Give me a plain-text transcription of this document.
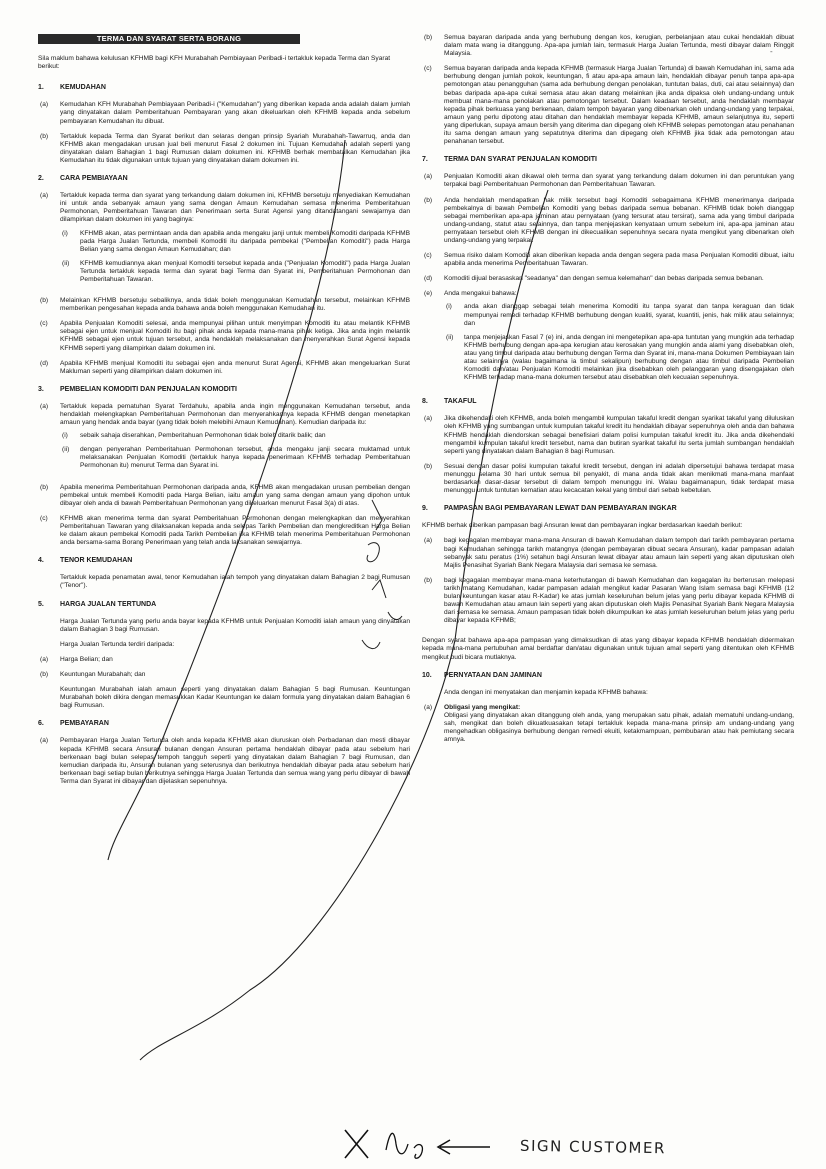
TERMA DAN SYARAT SERTA BORANG
Sila maklum bahawa kelulusan KFHMB bagi KFH Murabahah Pembiayaan Peribadi-i tertakluk kepada Terma dan Syarat berikut:
1.	KEMUDAHAN
(a)	Kemudahan KFH Murabahah Pembiayaan Peribadi-i ("Kemudahan") yang diberikan kepada anda adalah dalam jumlah yang dinyatakan dalam Pemberitahuan Pembayaran yang akan dikeluarkan oleh KFHMB kepada anda sebelum pembayaran Kemudahan itu dibuat.
(b)	Tertakluk kepada Terma dan Syarat berikut dan selaras dengan prinsip Syariah Murabahah-Tawarruq, anda dan KFHMB akan mengadakan urusan jual beli menurut Fasal 2 dokumen ini. Tujuan Kemudahan adalah seperti yang dinyatakan dalam Bahagian 1 bagi Rumusan dalam dokumen ini. KFHMB berhak membatalkan Kemudahan jika Kemudahan itu tidak digunakan untuk tujuan yang dinyatakan dalam dokumen ini.
2.	CARA PEMBIAYAAN
(a)	Tertakluk kepada terma dan syarat yang terkandung dalam dokumen ini, KFHMB bersetuju menyediakan Kemudahan ini untuk anda sebanyak amaun yang sama dengan Amaun Kemudahan semasa menerima Pemberitahuan Permohonan, Pemberitahuan Tawaran dan Penerimaan serta Surat Agensi yang ditandatangani sewajarnya dan dilampirkan dalam dokumen ini yang baginya:
(i)	KFHMB akan, atas permintaan anda dan apabila anda mengaku janji untuk membeli Komoditi daripada KFHMB pada Harga Jualan Tertunda, membeli Komoditi itu daripada pembekal ("Pembelian Komoditi") pada Harga Belian yang sama dengan Amaun Kemudahan; dan
(ii)	KFHMB kemudiannya akan menjual Komoditi tersebut kepada anda ("Penjualan Komoditi") pada Harga Jualan Tertunda tertakluk kepada terma dan syarat bagi Terma dan Syarat ini, Pemberitahuan Permohonan dan Pemberitahuan Tawaran.
(b)	Melainkan KFHMB bersetuju sebaliknya, anda tidak boleh menggunakan Kemudahan tersebut, melainkan KFHMB memberikan pengesahan kepada anda bahawa anda boleh menggunakan Kemudahan itu.
(c)	Apabila Penjualan Komoditi selesai, anda mempunyai pilihan untuk menyimpan Komoditi itu atau melantik KFHMB sebagai ejen untuk menjual Komoditi itu bagi pihak anda kepada mana-mana pihak ketiga. Jika anda ingin melantik KFHMB sebagai ejen untuk tujuan tersebut, anda hendaklah melaksanakan dan menyerahkan Surat Agensi kepada KFHMB seperti yang dilampirkan dalam dokumen ini.
(d)	Apabila KFHMB menjual Komoditi itu sebagai ejen anda menurut Surat Agensi, KFHMB akan mengeluarkan Surat Makluman seperti yang dilampirkan dalam dokumen ini.
3.	PEMBELIAN KOMODITI DAN PENJUALAN KOMODITI
(a)	Tertakluk kepada pematuhan Syarat Terdahulu, apabila anda ingin menggunakan Kemudahan tersebut, anda hendaklah melengkapkan Pemberitahuan Permohonan dan menyerahkannya kepada KFHMB dengan menetapkan amaun yang hendak anda bayar (yang tidak boleh melebihi Amaun Kemudahan). Kemudian daripada itu:
(i)	sebaik sahaja diserahkan, Pemberitahuan Permohonan tidak boleh ditarik balik; dan
(ii)	dengan penyerahan Pemberitahuan Permohonan tersebut, anda mengaku janji secara muktamad untuk melaksanakan Penjualan Komoditi (tertakluk hanya kepada penerimaan KFHMB terhadap Pemberitahuan Permohonan itu) menurut Terma dan Syarat ini.
(b)	Apabila menerima Pemberitahuan Permohonan daripada anda, KFHMB akan mengadakan urusan pembelian dengan pembekal untuk membeli Komoditi pada Harga Belian, iaitu amaun yang sama dengan amaun yang dipohon untuk dibayar oleh anda di bawah Pemberitahuan Permohonan yang dikeluarkan menurut Fasal 3(a) di atas.
(c)	KFHMB akan menerima terma dan syarat Pemberitahuan Permohonan dengan melengkapkan dan menyerahkan Pemberitahuan Tawaran yang dilaksanakan kepada anda selepas Tarikh Pembelian dan mengkreditkan Harga Belian ke dalam akaun pembekal Komoditi pada Tarikh Pembelian jika KFHMB telah menerima Pemberitahuan Permohonan anda bersama-sama Borang Penerimaan yang telah anda laksanakan sewajarnya.
4.	TENOR KEMUDAHAN
Tertakluk kepada penamatan awal, tenor Kemudahan ialah tempoh yang dinyatakan dalam Bahagian 2 bagi Rumusan ("Tenor").
5.	HARGA JUALAN TERTUNDA
Harga Jualan Tertunda yang perlu anda bayar kepada KFHMB untuk Penjualan Komoditi ialah amaun yang dinyatakan dalam Bahagian 3 bagi Rumusan.
Harga Jualan Tertunda terdiri daripada:
(a)	Harga Belian; dan
(b)	Keuntungan Murabahah; dan
Keuntungan Murabahah ialah amaun seperti yang dinyatakan dalam Bahagian 5 bagi Rumusan. Keuntungan Murabahah boleh dikira dengan memasukkan Kadar Keuntungan ke dalam formula yang dinyatakan dalam Bahagian 6 bagi Rumusan.
6.	PEMBAYARAN
(a)	Pembayaran Harga Jualan Tertunda oleh anda kepada KFHMB akan diuruskan oleh Perbadanan dan mesti dibayar kepada KFHMB secara Ansuran bulanan dengan Ansuran pertama hendaklah dibayar pada atau sebelum hari berkenaan bagi bulan selepas tempoh tangguh seperti yang dinyatakan dalam Bahagian 7 bagi Rumusan, dan kemudian daripada itu, Ansuran bulanan yang seterusnya dan berikutnya hendaklah dibayar pada atau sebelum hari berkenaan bagi setiap bulan berikutnya sehingga Harga Jualan Tertunda dan semua wang yang perlu dibayar di bawah Terma dan Syarat ini dibayar dan dijelaskan sepenuhnya.
(b)	Semua bayaran daripada anda yang berhubung dengan kos, kerugian, perbelanjaan atau cukai hendaklah dibuat dalam mata wang ia ditanggung. Apa-apa jumlah lain, termasuk Harga Jualan Tertunda, mesti dibayar dalam Ringgit Malaysia.
(c)	Semua bayaran daripada anda kepada KFHMB (termasuk Harga Jualan Tertunda) di bawah Kemudahan ini, sama ada berhubung dengan jumlah pokok, keuntungan, fi atau apa-apa amaun lain, hendaklah dibayar penuh tanpa apa-apa pemotongan atau penangguhan (sama ada berhubung dengan penolakan, tuntutan balas, duti, cai atau selainnya) dan bebas daripada apa-apa cukai semasa atau akan datang melainkan jika anda dipaksa oleh undang-undang untuk membuat mana-mana penolakan atau pemotongan tersebut. Dalam keadaan tersebut, anda hendaklah membayar kepada pihak berkuasa yang berkenaan, dalam tempoh bayaran yang dibenarkan oleh undang-undang yang terpakai, amaun yang perlu dipotong atau ditahan dan hendaklah membayar kepada KFHMB, amaun selanjutnya itu, seperti yang diperlukan, supaya amaun bersih yang diterima dan dipegang oleh KFHMB selepas pemotongan atau penahanan itu sama dengan amaun yang sepatutnya diterima dan dipegang oleh KFHMB jika tidak ada pemotongan atau penahanan tersebut.
7.	TERMA DAN SYARAT PENJUALAN KOMODITI
(a)	Penjualan Komoditi akan dikawal oleh terma dan syarat yang terkandung dalam dokumen ini dan peruntukan yang terpakai bagi Pemberitahuan Permohonan dan Pemberitahuan Tawaran.
(b)	Anda hendaklah mendapatkan hak milik tersebut bagi Komoditi sebagaimana KFHMB menerimanya daripada pembekalnya di bawah Pembelian Komoditi yang bebas daripada semua bebanan. KFHMB tidak boleh dianggap sebagai memberikan apa-apa jaminan atau pernyataan (yang tersurat atau tersirat), sama ada yang timbul daripada undang-undang, statut atau selainnya, dan tanpa menjejaskan kenyataan umum sebelum ini, apa-apa jaminan atau pernyataan tersebut oleh KFHMB dengan ini dikecualikan sepenuhnya secara nyata mengikut yang dibenarkan oleh undang-undang yang terpakai.
(c)	Semua risiko dalam Komoditi akan diberikan kepada anda dengan segera pada masa Penjualan Komoditi dibuat, iaitu apabila anda menerima Pemberitahuan Tawaran.
(d)	Komoditi dijual berasaskan "seadanya" dan dengan semua kelemahan" dan bebas daripada semua bebanan.
(e)	Anda mengakui bahawa:
(i)	anda akan dianggap sebagai telah menerima Komoditi itu tanpa syarat dan tanpa keraguan dan tidak mempunyai remedi terhadap KFHMB berhubung dengan kualiti, syarat, kuantiti, jenis, hak milik atau selainnya; dan
(ii)	tanpa menjejaskan Fasal 7 (e) ini, anda dengan ini mengetepikan apa-apa tuntutan yang mungkin ada terhadap KFHMB berhubung dengan apa-apa kerugian atau kerosakan yang mungkin anda alami yang disebabkan oleh, atau yang timbul daripada atau berhubung dengan Terma dan Syarat ini, mana-mana Dokumen Pembiayaan lain atau selainnya (walau bagaimana ia timbul sekalipun) berhubung dengan atau timbul daripada Pembelian Komoditi dan/atau Penjualan Komoditi melainkan jika disebabkan oleh pelanggaran yang disengajakan oleh KFHMB terhadap mana-mana dokumen tersebut atau disebabkan oleh kecuaian sepenuhnya.
8.	TAKAFUL
(a)	Jika dikehendaki oleh KFHMB, anda boleh mengambil kumpulan takaful kredit dengan syarikat takaful yang diluluskan oleh KFHMB yang sumbangan untuk kumpulan takaful kredit itu hendaklah dibayar sepenuhnya oleh anda dan bahawa KFHMB hendaklah diendorskan sebagai benefisiari dalam polisi kumpulan takaful kredit itu. Jika anda dikehendaki mengambil kumpulan takaful kredit tersebut, nama dan butiran syarikat takaful itu serta jumlah sumbangan hendaklah seperti yang dinyatakan dalam Bahagian 8 bagi Rumusan.
(b)	Sesuai dengan dasar polisi kumpulan takaful kredit tersebut, dengan ini adalah dipersetujui bahawa terdapat masa menunggu selama 30 hari untuk semua bil penyakit, di mana anda tidak akan menikmati mana-mana manfaat berdasarkan dasar-dasar tersebut di dalam tempoh menunggu ini. Walau bagaimanapun, tidak terdapat masa menunggu untuk tuntutan kematian atau kecacatan kekal yang timbul dari sebab kebetulan.
9.	PAMPASAN BAGI PEMBAYARAN LEWAT DAN PEMBAYARAN INGKAR
KFHMB berhak diberikan pampasan bagi Ansuran lewat dan pembayaran ingkar berdasarkan kaedah berikut:
(a)	bagi kegagalan membayar mana-mana Ansuran di bawah Kemudahan dalam tempoh dari tarikh pembayaran pertama bagi Kemudahan sehingga tarikh matangnya (dengan pembayaran dibuat secara Ansuran), kadar pampasan adalah sebanyak satu peratus (1%) setahun bagi Ansuran lewat dibayar atau amaun lain seperti yang akan diputuskan oleh Majlis Penasihat Syariah Bank Negara Malaysia dari semasa ke semasa.
(b)	bagi kegagalan membayar mana-mana keterhutangan di bawah Kemudahan dan kegagalan itu berterusan melepasi tarikh matang Kemudahan, kadar pampasan adalah mengikut kadar Pasaran Wang Islam semasa bagi KFHMB (12 bulan keuntungan kasar atau R-Kadar) ke atas jumlah keseluruhan belum jelas yang perlu dibayar kepada KFHMB di bawah Kemudahan atau amaun lain seperti yang akan diputuskan oleh Majlis Penasihat Syariah Bank Negara Malaysia dari semasa ke semasa. Amaun pampasan tidak boleh dikumpulkan ke atas jumlah keseluruhan belum jelas yang perlu dibayar kepada KFHMB;
Dengan syarat bahawa apa-apa pampasan yang dimaksudkan di atas yang dibayar kepada KFHMB hendaklah didermakan kepada mana-mana pertubuhan amal berdaftar dan/atau digunakan untuk tujuan amal seperti yang ditentukan oleh KFHMB mengikut budi bicara mutlaknya.
10.	PERNYATAAN DAN JAMINAN
Anda dengan ini menyatakan dan menjamin kepada KFHMB bahawa:
(a)	Obligasi yang mengikat:
Obligasi yang dinyatakan akan ditanggung oleh anda, yang merupakan satu pihak, adalah mematuhi undang-undang, sah, mengikat dan boleh dikuatkuasakan tetapi tertakluk kepada mana-mana prinsip am undang-undang yang mengehadkan obligasinya berhubung dengan remedi ekuiti, ketakmampuan, pembubaran atau hak pemiutang secara amnya.
-
SIGN CUSTOMER
